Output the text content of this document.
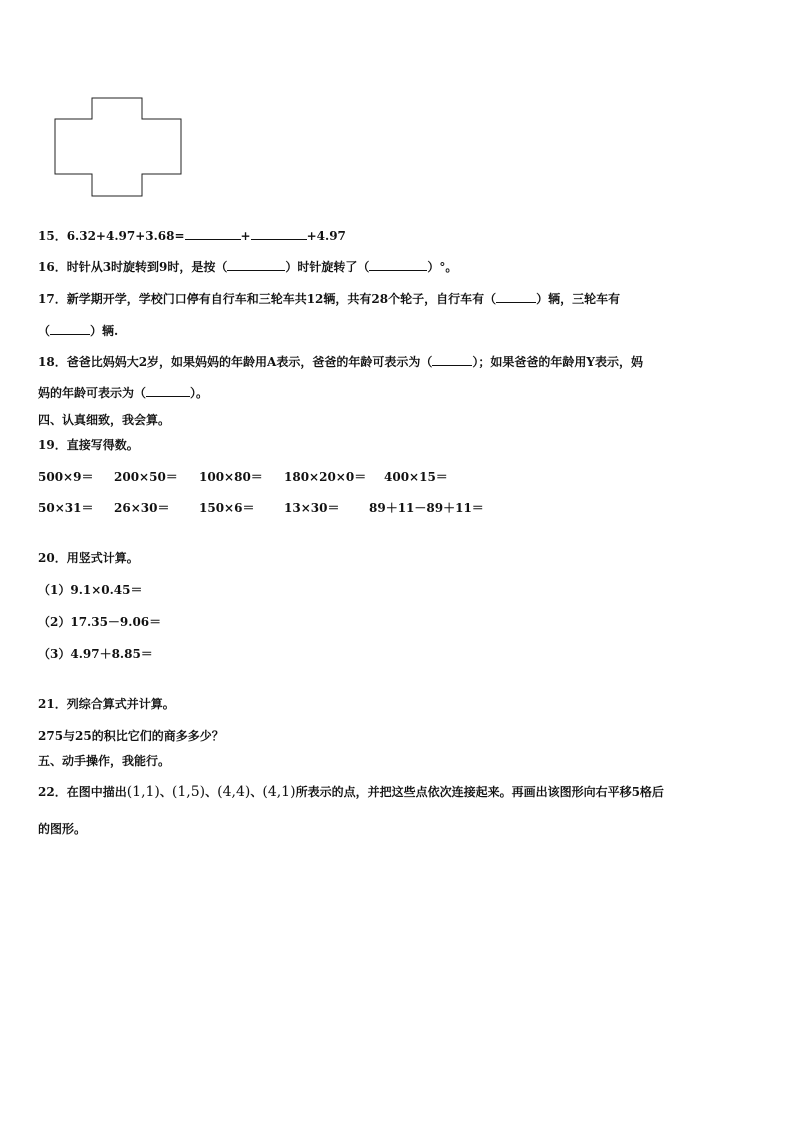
15．6.32+4.97+3.68=	+	+4.97
16．时针从3时旋转到9时，是按（	）时针旋转了（	）°。
17．新学期开学，学校门口停有自行车和三轮车共12辆，共有28个轮子，自行车有（	）辆，三轮车有
（	）辆.
18．爸爸比妈妈大2岁，如果妈妈的年龄用A表示，爸爸的年龄可表示为（	）；如果爸爸的年龄用Y表示，妈
妈的年龄可表示为（	）。
四、认真细致，我会算。
19．直接写得数。
500×9＝ 200×50＝ 100×80＝ 180×20×0＝ 400×15＝
50×31＝ 26×30＝ 150×6＝ 13×30＝ 89＋11－89＋11＝
20．用竖式计算。
（1）9.1×0.45＝
（2）17.35－9.06＝
（3）4.97＋8.85＝
21．列综合算式并计算。
275与25的积比它们的商多多少？
五、动手操作，我能行。
22．在图中描出(1,1)、(1,5)、(4,4)、(4,1)所表示的点，并把这些点依次连接起来。再画出该图形向右平移5格后
的图形。
